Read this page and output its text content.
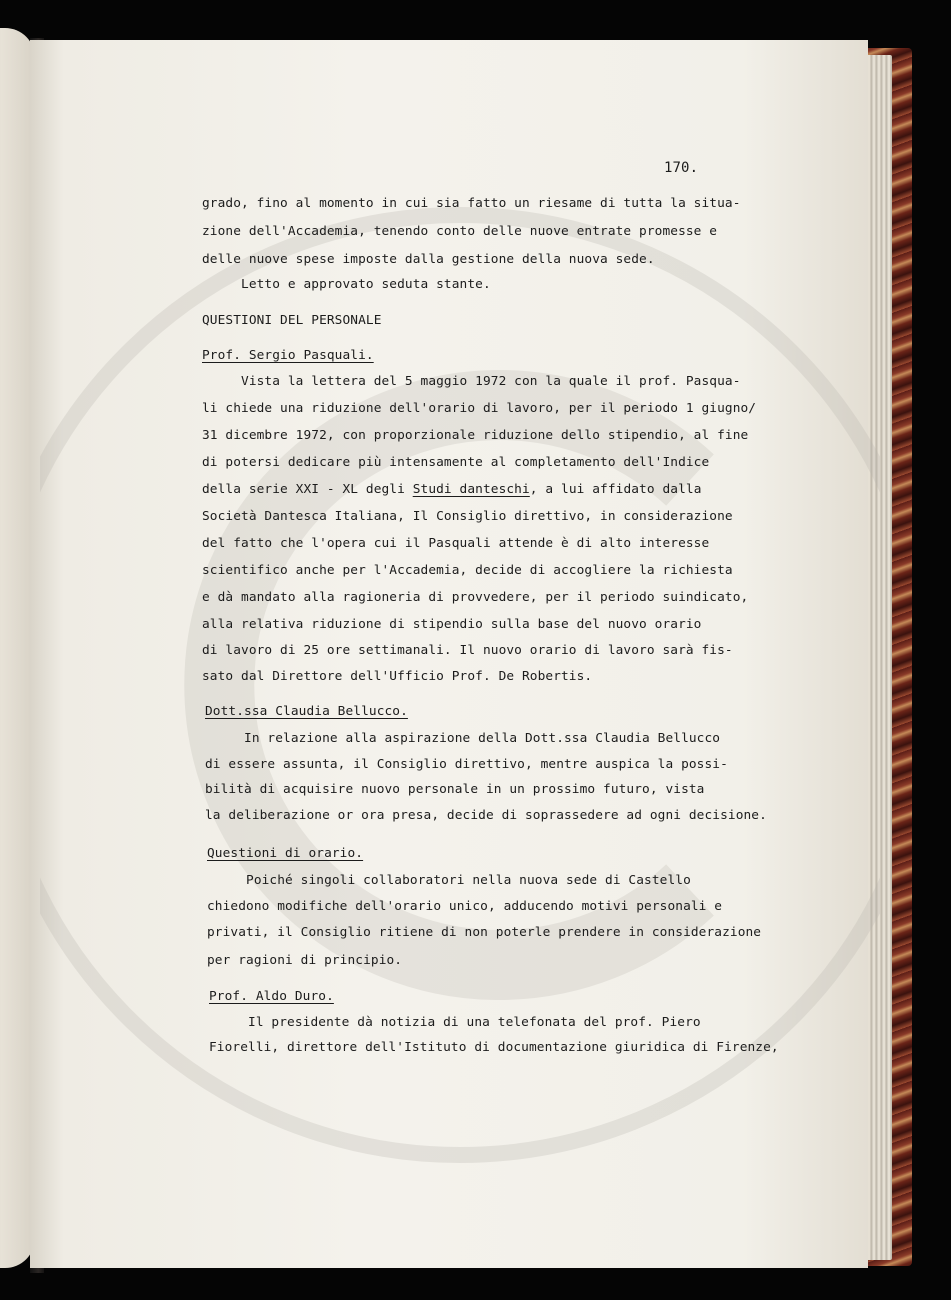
170.
grado, fino al momento in cui sia fatto un riesame di tutta la situa-
zione dell'Accademia, tenendo conto delle nuove entrate promesse e
delle nuove spese imposte dalla gestione della nuova sede.
Letto e approvato seduta stante.
QUESTIONI DEL PERSONALE
Prof. Sergio Pasquali.
Vista la lettera del 5 maggio 1972 con la quale il prof. Pasqua-
li chiede una riduzione dell'orario di lavoro, per il periodo 1 giugno/
31 dicembre 1972, con proporzionale riduzione dello stipendio, al fine
di potersi dedicare più intensamente al completamento dell'Indice
della serie XXI - XL degli Studi danteschi, a lui affidato dalla
Società Dantesca Italiana, Il Consiglio direttivo, in considerazione
del fatto che l'opera cui il Pasquali attende è di alto interesse
scientifico anche per l'Accademia, decide di accogliere la richiesta
e dà mandato alla ragioneria di provvedere, per il periodo suindicato,
alla relativa riduzione di stipendio sulla base del nuovo orario
di lavoro di 25 ore settimanali. Il nuovo orario di lavoro sarà fis-
sato dal Direttore dell'Ufficio Prof. De Robertis.
Dott.ssa Claudia Bellucco.
In relazione alla aspirazione della Dott.ssa Claudia Bellucco
di essere assunta, il Consiglio direttivo, mentre auspica la possi-
bilità di acquisire nuovo personale in un prossimo futuro, vista
la deliberazione or ora presa, decide di soprassedere ad ogni decisione.
Questioni di orario.
Poiché singoli collaboratori nella nuova sede di Castello
chiedono modifiche dell'orario unico, adducendo motivi personali e
privati, il Consiglio ritiene di non poterle prendere in considerazione
per ragioni di principio.
Prof. Aldo Duro.
Il presidente dà notizia di una telefonata del prof. Piero
Fiorelli, direttore dell'Istituto di documentazione giuridica di Firenze,
